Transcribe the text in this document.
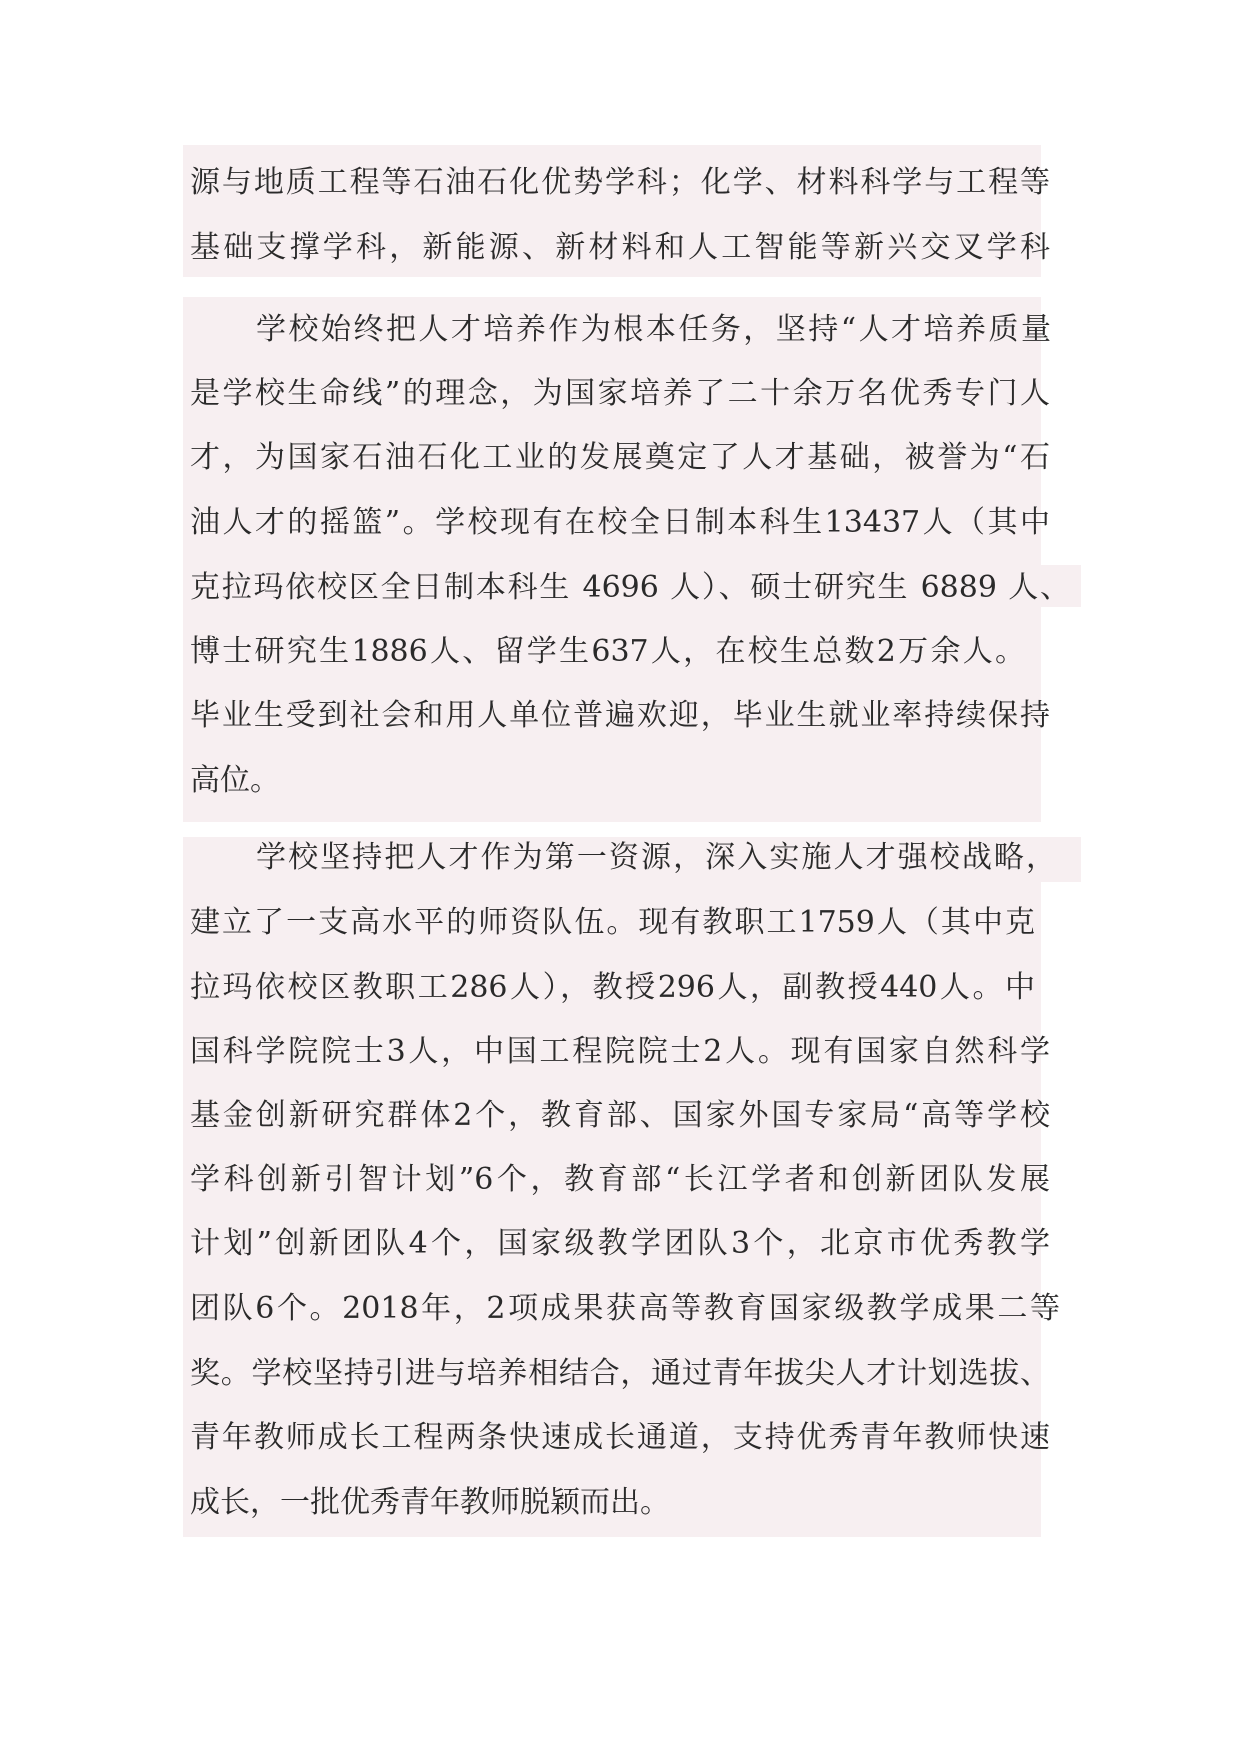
源与地质工程等石油石化优势学科；化学、材料科学与工程等
基础支撑学科，新能源、新材料和人工智能等新兴交叉学科
学校始终把人才培养作为根本任务，坚持“人才培养质量
是学校生命线”的理念，为国家培养了二十余万名优秀专门人
才，为国家石油石化工业的发展奠定了人才基础，被誉为“石
油人才的摇篮”。学校现有在校全日制本科生13437人（其中
克拉玛依校区全日制本科生 4696 人）、硕士研究生 6889 人、
博士研究生1886人、留学生637人，在校生总数2万余人。
毕业生受到社会和用人单位普遍欢迎，毕业生就业率持续保持
高位。
学校坚持把人才作为第一资源，深入实施人才强校战略，
建立了一支高水平的师资队伍。现有教职工1759人（其中克
拉玛依校区教职工286人），教授296人，副教授440人。中
国科学院院士3人，中国工程院院士2人。现有国家自然科学
基金创新研究群体2个，教育部、国家外国专家局“高等学校
学科创新引智计划”6个，教育部“长江学者和创新团队发展
计划”创新团队4个，国家级教学团队3个，北京市优秀教学
团队6个。2018年，2项成果获高等教育国家级教学成果二等
奖。学校坚持引进与培养相结合，通过青年拔尖人才计划选拔、
青年教师成长工程两条快速成长通道，支持优秀青年教师快速
成长，一批优秀青年教师脱颖而出。
